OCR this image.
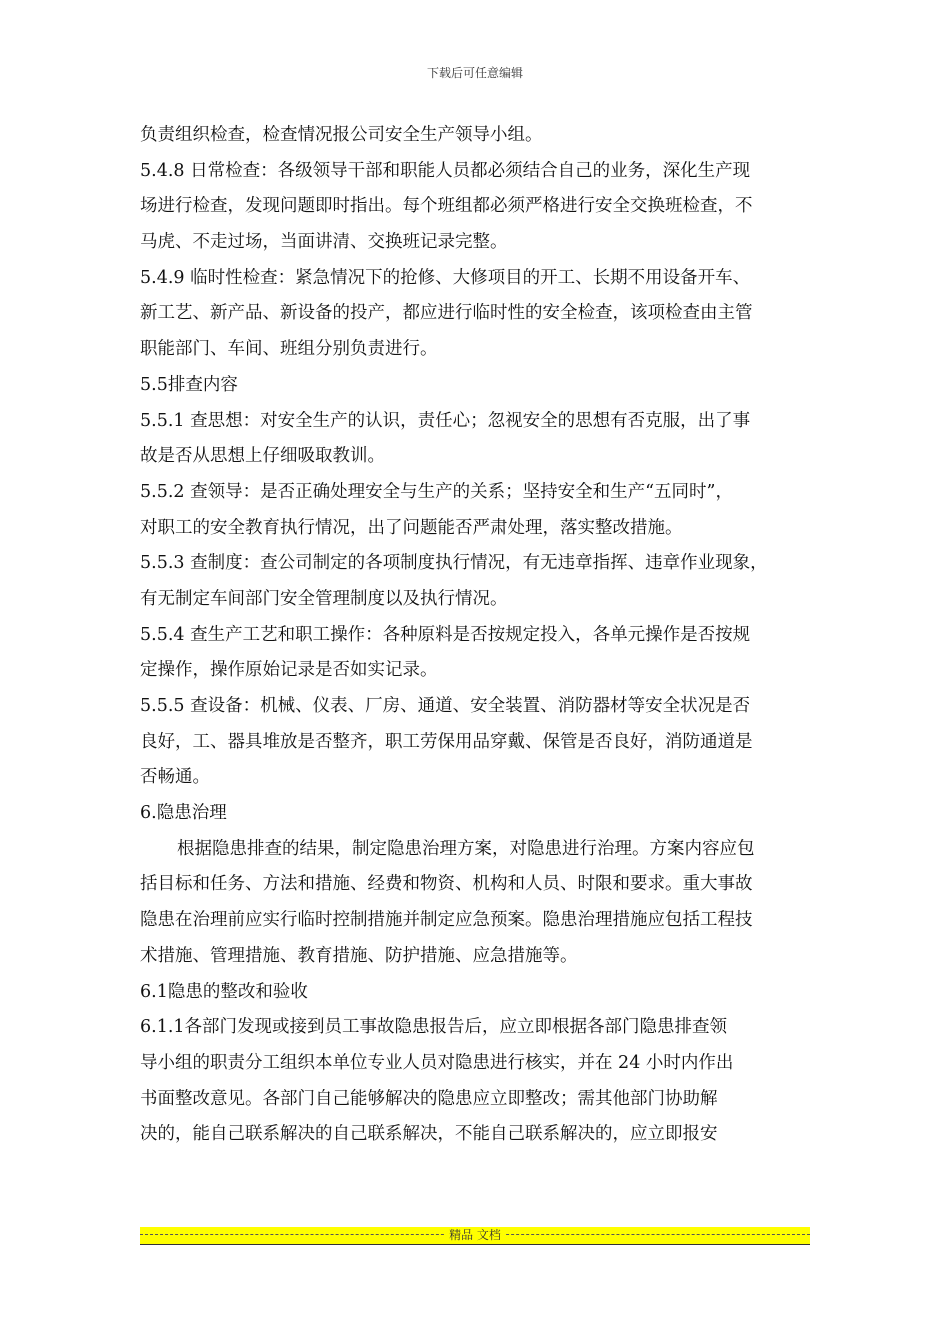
下载后可任意编辑
负责组织检查，检查情况报公司安全生产领导小组。
5.4.8 日常检查：各级领导干部和职能人员都必须结合自己的业务，深化生产现
场进行检查，发现问题即时指出。每个班组都必须严格进行安全交换班检查，不
马虎、不走过场，当面讲清、交换班记录完整。
5.4.9 临时性检查：紧急情况下的抢修、大修项目的开工、长期不用设备开车、
新工艺、新产品、新设备的投产，都应进行临时性的安全检查，该项检查由主管
职能部门、车间、班组分别负责进行。
5.5排查内容
5.5.1 查思想：对安全生产的认识，责任心；忽视安全的思想有否克服，出了事
故是否从思想上仔细吸取教训。
5.5.2 查领导：是否正确处理安全与生产的关系；坚持安全和生产“五同时”，
对职工的安全教育执行情况，出了问题能否严肃处理，落实整改措施。
5.5.3 查制度：查公司制定的各项制度执行情况，有无违章指挥、违章作业现象，
有无制定车间部门安全管理制度以及执行情况。
5.5.4 查生产工艺和职工操作：各种原料是否按规定投入，各单元操作是否按规
定操作，操作原始记录是否如实记录。
5.5.5 查设备：机械、仪表、厂房、通道、安全装置、消防器材等安全状况是否
良好，工、器具堆放是否整齐，职工劳保用品穿戴、保管是否良好，消防通道是
否畅通。
6.隐患治理
根据隐患排查的结果，制定隐患治理方案，对隐患进行治理。方案内容应包
括目标和任务、方法和措施、经费和物资、机构和人员、时限和要求。重大事故
隐患在治理前应实行临时控制措施并制定应急预案。隐患治理措施应包括工程技
术措施、管理措施、教育措施、防护措施、应急措施等。
6.1隐患的整改和验收
6.1.1各部门发现或接到员工事故隐患报告后，应立即根据各部门隐患排查领
导小组的职责分工组织本单位专业人员对隐患进行核实，并在 24 小时内作出
书面整改意见。各部门自己能够解决的隐患应立即整改；需其他部门协助解
决的，能自己联系解决的自己联系解决，不能自己联系解决的，应立即报安
精品 文档
